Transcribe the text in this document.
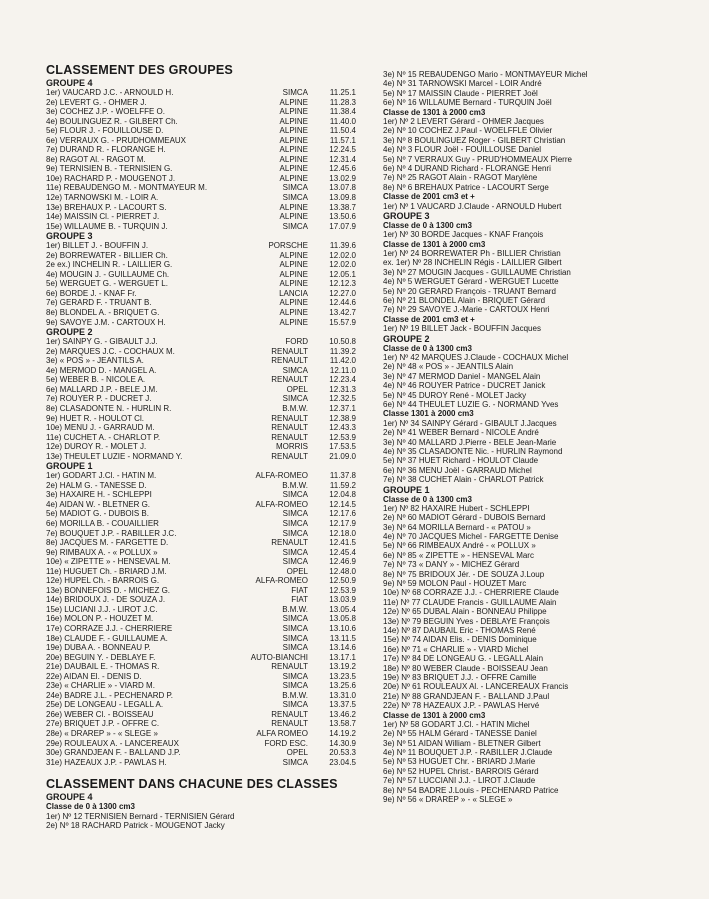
CLASSEMENT DES GROUPES
GROUPE 4
1er) VAUCARD J.C. - ARNOULD H.	SIMCA	11.25.1
2e) LEVERT G. - OHMER J.	ALPINE	11.28.3
3e) COCHEZ J.P. - WOELFFE O.	ALPINE	11.38.4
4e) BOULINGUEZ R. - GILBERT Ch.	ALPINE	11.40.0
5e) FLOUR J. - FOUILLOUSE D.	ALPINE	11.50.4
6e) VERRAUX G. - PRUDHOMMEAUX	ALPINE	11.57.1
7e) DURAND R. - FLORANGE H.	ALPINE	12.24.5
8e) RAGOT Al. - RAGOT M.	ALPINE	12.31.4
9e) TERNISIEN B. - TERNISIEN G.	ALPINE	12.45.6
10e) RACHARD P. - MOUGENOT J.	ALPINE	13.02.9
11e) REBAUDENGO M. - MONTMAYEUR M.	SIMCA	13.07.8
12e) TARNOWSKI M. - LOIR A.	SIMCA	13.09.8
13e) BREHAUX P. - LACOURT S.	ALPINE	13.38.7
14e) MAISSIN Cl. - PIERRET J.	ALPINE	13.50.6
15e) WILLAUME B. - TURQUIN J.	SIMCA	17.07.9
GROUPE 3
1er) BILLET J. - BOUFFIN J.	PORSCHE	11.39.6
2e) BORREWATER - BILLIER Ch.	ALPINE	12.02.0
2e ex.) INCHELIN R. - LAILLIER G.	ALPINE	12.02.0
4e) MOUGIN J. - GUILLAUME Ch.	ALPINE	12.05.1
5e) WERGUET G. - WERGUET L.	ALPINE	12.12.3
6e) BORDE J. - KNAF Fr.	LANCIA	12.27.0
7e) GERARD F. - TRUANT B.	ALPINE	12.44.6
8e) BLONDEL A. - BRIQUET G.	ALPINE	13.42.7
9e) SAVOYE J.M. - CARTOUX H.	ALPINE	15.57.9
GROUPE 2
1er) SAINPY G. - GIBAULT J.J.	FORD	10.50.8
2e) MARQUES J.C. - COCHAUX M.	RENAULT	11.39.2
3e) « POS » - JEANTILS A.	RENAULT	11.42.0
4e) MERMOD D. - MANGEL A.	SIMCA	12.11.0
5e) WEBER B. - NICOLE A.	RENAULT	12.23.4
6e) MALLARD J.P. - BELE J.M.	OPEL	12.31.3
7e) ROUYER P. - DUCRET J.	SIMCA	12.32.5
8e) CLASADONTE N. - HURLIN R.	B.M.W.	12.37.1
9e) HUET R. - HOULOT Cl.	RENAULT	12.38.9
10e) MENU J. - GARRAUD M.	RENAULT	12.43.3
11e) CUCHET A. - CHARLOT P.	RENAULT	12.53.9
12e) DUROY R. - MOLET J.	MORRIS	17.53.5
13e) THEULET LUZIE - NORMAND Y.	RENAULT	21.09.0
GROUPE 1
1er) GODART J.Cl. - HATIN M.	ALFA-ROMEO	11.37.8
2e) HALM G. - TANESSE D.	B.M.W.	11.59.2
3e) HAXAIRE H. - SCHLEPPI	SIMCA	12.04.8
4e) AIDAN W. - BLETNER G.	ALFA-ROMEO	12.14.5
5e) MADIOT G. - DUBOIS B.	SIMCA	12.17.6
6e) MORILLA B. - COUAILLIER	SIMCA	12.17.9
7e) BOUQUET J.P. - RABILLER J.C.	SIMCA	12.18.0
8e) JACQUES M. - FARGETTE D.	RENAULT	12.41.5
9e) RIMBAUX A. - « POLLUX »	SIMCA	12.45.4
10e) « ZIPETTE » - HENSEVAL M.	SIMCA	12.46.9
11e) HUGUET Ch. - BRIARD J.M.	OPEL	12.48.0
12e) HUPEL Ch. - BARROIS G.	ALFA-ROMEO	12.50.9
13e) BONNEFOIS D. - MICHEZ G.	FIAT	12.53.9
14e) BRIDOUX J. - DE SOUZA J.	FIAT	13.03.9
15e) LUCIANI J.J. - LIROT J.C.	B.M.W.	13.05.4
16e) MOLON P. - HOUZET M.	SIMCA	13.05.8
17e) CORRAZE J.J. - CHERRIERE	SIMCA	13.10.6
18e) CLAUDE F. - GUILLAUME A.	SIMCA	13.11.5
19e) DUBA A. - BONNEAU P.	SIMCA	13.14.6
20e) BEGUIN Y. - DEBLAYE F.	AUTO-BIANCHI	13.17.1
21e) DAUBAIL E. - THOMAS R.	RENAULT	13.19.2
22e) AIDAN El. - DENIS D.	SIMCA	13.23.5
23e) « CHARLIE » - VIARD M.	SIMCA	13.25.6
24e) BADRE J.L. - PECHENARD P.	B.M.W.	13.31.0
25e) DE LONGEAU - LEGALL A.	SIMCA	13.37.5
26e) WEBER Cl. - BOISSEAU	RENAULT	13.46.2
27e) BRIQUET J.P. - OFFRE C.	RENAULT	13.58.7
28e) « DRAREP » - « SLEGE »	ALFA ROMEO	14.19.2
29e) ROULEAUX A. - LANCEREAUX	FORD ESC.	14.30.9
30e) GRANDJEAN F. - BALLAND J.P.	OPEL	20.53.3
31e) HAZEAUX J.P. - PAWLAS H.	SIMCA	23.04.5
CLASSEMENT DANS CHACUNE DES CLASSES
GROUPE 4
Classe de 0 à 1300 cm3
1er) Nº 12 TERNISIEN Bernard - TERNISIEN Gérard
2e) Nº 18 RACHARD Patrick - MOUGENOT Jacky
3e) Nº 15 REBAUDENGO Mario - MONTMAYEUR Michel
4e) Nº 31 TARNOWSKI Marcel - LOIR André
5e) Nº 17 MAISSIN Claude - PIERRET Joël
6e) Nº 16 WILLAUME Bernard - TURQUIN Joël
Classe de 1301 à 2000 cm3
1er) Nº 2 LEVERT Gérard - OHMER Jacques
2e) Nº 10 COCHEZ J.Paul - WOELFFLE Olivier
3e) Nº 8 BOULINGUEZ Roger - GILBERT Christian
4e) Nº 3 FLOUR Joël - FOUILLOUSE Daniel
5e) Nº 7 VERRAUX Guy - PRUD'HOMMEAUX Pierre
6e) Nº 4 DURAND Richard - FLORANGE Henri
7e) Nº 25 RAGOT Alain - RAGOT Marylène
8e) Nº 6 BREHAUX Patrice - LACOURT Serge
Classe de 2001 cm3 et +
1er) Nº 1 VAUCARD J.Claude - ARNOULD Hubert
GROUPE 3
Classe de 0 à 1300 cm3
1er) Nº 30 BORDE Jacques - KNAF François
Classe de 1301 à 2000 cm3
1er) Nº 24 BORREWATER Ph - BILLIER Christian
ex. 1er) Nº 28 INCHELIN Régis - LAILLIER Gilbert
3e) Nº 27 MOUGIN Jacques - GUILLAUME Christian
4e) Nº 5 WERGUET Gérard - WERGUET Lucette
5e) Nº 20 GERARD François - TRUANT Bernard
6e) Nº 21 BLONDEL Alain - BRIQUET Gérard
7e) Nº 29 SAVOYE J.-Marie - CARTOUX Henri
Classe de 2001 cm3 et +
1er) Nº 19 BILLET Jack - BOUFFIN Jacques
GROUPE 2
Classe de 0 à 1300 cm3
1er) Nº 42 MARQUES J.Claude - COCHAUX Michel
2e) Nº 48 « POS » - JEANTILS Alain
3e) Nº 47 MERMOD Daniel - MANGEL Alain
4e) Nº 46 ROUYER Patrice - DUCRET Janick
5e) Nº 45 DUROY René - MOLET Jacky
6e) Nº 44 THEULET LUZIE G. - NORMAND Yves
Classe 1301 à 2000 cm3
1er) Nº 34 SAINPY Gérard - GIBAULT J.Jacques
2e) Nº 41 WEBER Bernard - NICOLE André
3e) Nº 40 MALLARD J.Pierre - BELE Jean-Marie
4e) Nº 35 CLASADONTE Nic. - HURLIN Raymond
5e) Nº 37 HUET Richard - HOULOT Claude
6e) Nº 36 MENU Joël - GARRAUD Michel
7e) Nº 38 CUCHET Alain - CHARLOT Patrick
GROUPE 1
Classe de 0 à 1300 cm3
1er) Nº 82 HAXAIRE Hubert - SCHLEPPI
2e) Nº 60 MADIOT Gérard - DUBOIS Bernard
3e) Nº 64 MORILLA Bernard - « PATOU »
4e) Nº 70 JACQUES Michel - FARGETTE Denise
5e) Nº 66 RIMBEAUX André - « POLLUX »
6e) Nº 85 « ZIPETTE » - HENSEVAL Marc
7e) Nº 73 « DANY » - MICHEZ Gérard
8e) Nº 75 BRIDOUX Jér. - DE SOUZA J.Loup
9e) Nº 59 MOLON Paul - HOUZET Marc
10e) Nº 68 CORRAZE J.J. - CHERRIERE Claude
11e) Nº 77 CLAUDE Francis - GUILLAUME Alain
12e) Nº 65 DUBAL Alain - BONNEAU Philippe
13e) Nº 79 BEGUIN Yves - DEBLAYE François
14e) Nº 87 DAUBAIL Eric - THOMAS René
15e) Nº 74 AIDAN Elis. - DENIS Dominique
16e) Nº 71 « CHARLIE » - VIARD Michel
17e) Nº 84 DE LONGEAU G. - LEGALL Alain
18e) Nº 80 WEBER Claude - BOISSEAU Jean
19e) Nº 83 BRIQUET J.J. - OFFRE Camille
20e) Nº 61 ROULEAUX Al. - LANCEREAUX Francis
21e) Nº 88 GRANDJEAN F. - BALLAND J.Paul
22e) Nº 78 HAZEAUX J.P. - PAWLAS Hervé
Classe de 1301 à 2000 cm3
1er) Nº 58 GODART J.Cl. - HATIN Michel
2e) Nº 55 HALM Gérard - TANESSE Daniel
3e) Nº 51 AIDAN William - BLETNER Gilbert
4e) Nº 11 BOUQUET J.P. - RABILLER J.Claude
5e) Nº 53 HUGUET Chr. - BRIARD J.Marie
6e) Nº 52 HUPEL Christ.- BARROIS Gérard
7e) Nº 57 LUCCIANI J.J. - LIROT J.Claude
8e) Nº 54 BADRE J.Louis - PECHENARD Patrice
9e) Nº 56 « DRAREP » - « SLEGE »
